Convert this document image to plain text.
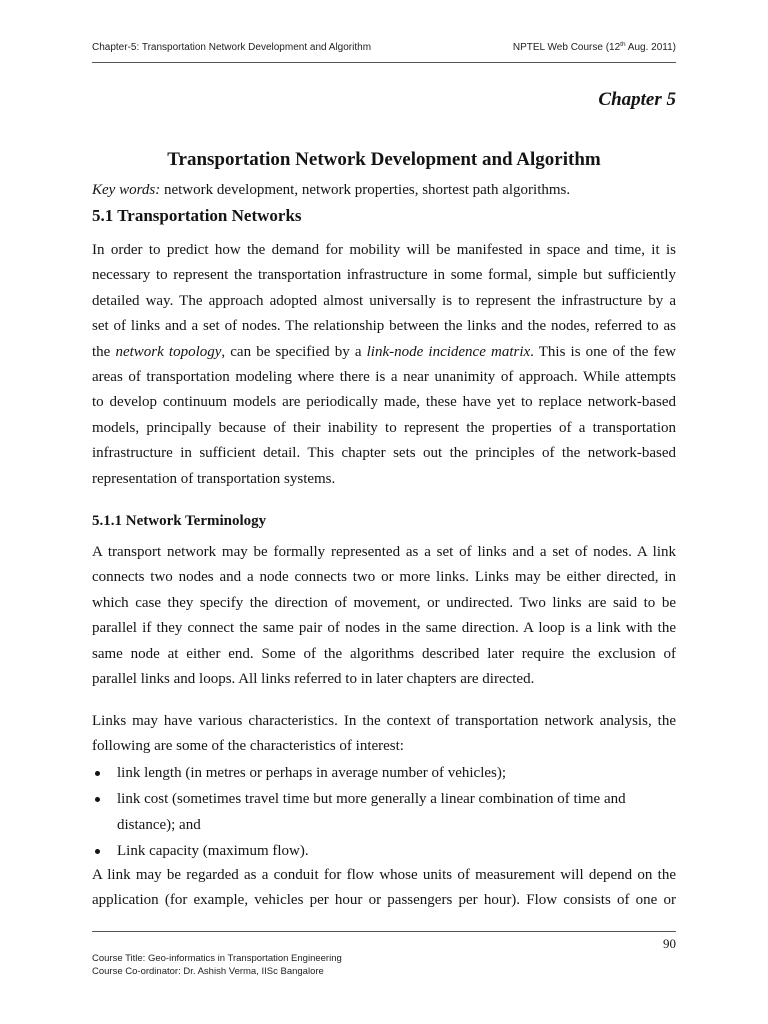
Chapter-5: Transportation Network Development and Algorithm	NPTEL Web Course (12th Aug. 2011)
Chapter 5
Transportation Network Development and Algorithm
Key words: network development, network properties, shortest path algorithms.
5.1 Transportation Networks
In order to predict how the demand for mobility will be manifested in space and time, it is
necessary to represent the transportation infrastructure in some formal, simple but sufficiently
detailed way. The approach adopted almost universally is to represent the infrastructure by a
set of links and a set of nodes. The relationship between the links and the nodes, referred to as
the network topology, can be specified by a link-node incidence matrix. This is one of the few
areas of transportation modeling where there is a near unanimity of approach. While attempts
to develop continuum models are periodically made, these have yet to replace network-based
models, principally because of their inability to represent the properties of a transportation
infrastructure in sufficient detail. This chapter sets out the principles of the network-based
representation of transportation systems.
5.1.1 Network Terminology
A transport network may be formally represented as a set of links and a set of nodes. A link
connects two nodes and a node connects two or more links. Links may be either directed, in
which case they specify the direction of movement, or undirected. Two links are said to be
parallel if they connect the same pair of nodes in the same direction. A loop is a link with the
same node at either end. Some of the algorithms described later require the exclusion of
parallel links and loops. All links referred to in later chapters are directed.
Links may have various characteristics. In the context of transportation network analysis, the
following are some of the characteristics of interest:
link length (in metres or perhaps in average number of vehicles);
link cost (sometimes travel time but more generally a linear combination of time and
distance); and
Link capacity (maximum flow).
A link may be regarded as a conduit for flow whose units of measurement will depend on the
application (for example, vehicles per hour or passengers per hour). Flow consists of one or
90
Course Title: Geo-informatics in Transportation Engineering
Course Co-ordinator: Dr. Ashish Verma, IISc Bangalore
